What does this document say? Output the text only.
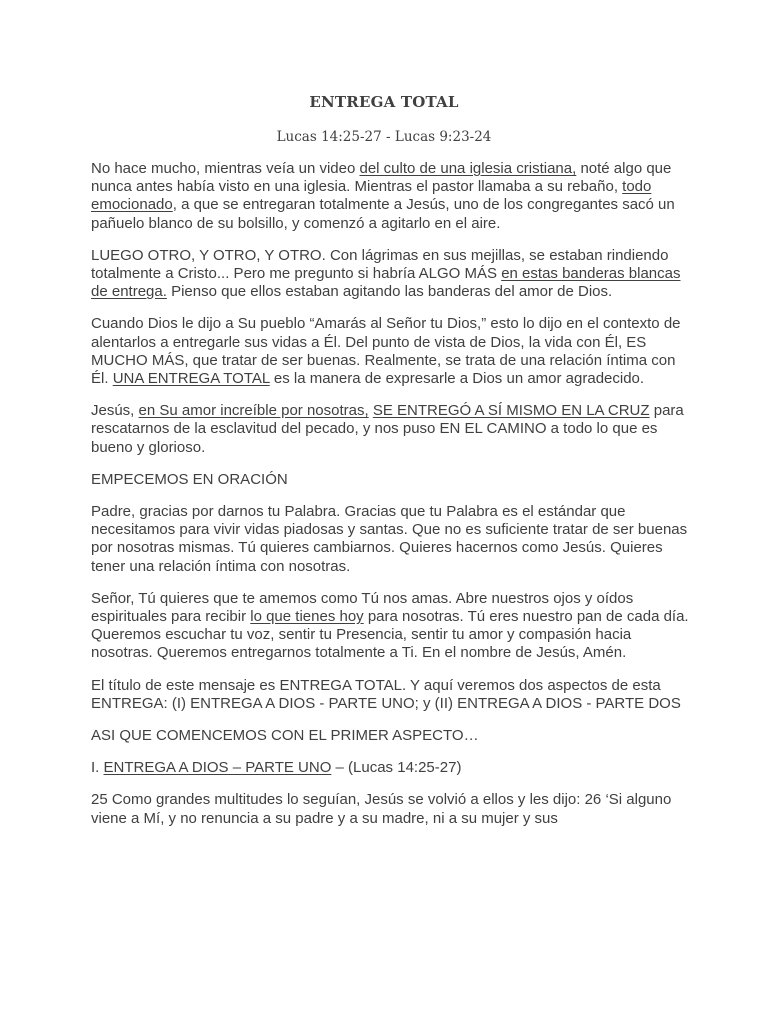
ENTREGA TOTAL
Lucas 14:25-27 - Lucas 9:23-24

No hace mucho, mientras veía un video del culto de una iglesia cristiana, noté algo que nunca antes había visto en una iglesia. Mientras el pastor llamaba a su rebaño, todo emocionado, a que se entregaran totalmente a Jesús, uno de los congregantes sacó un pañuelo blanco de su bolsillo, y comenzó a agitarlo en el aire.

LUEGO OTRO, Y OTRO, Y OTRO. Con lágrimas en sus mejillas, se estaban rindiendo totalmente a Cristo... Pero me pregunto si habría ALGO MÁS en estas banderas blancas de entrega. Pienso que ellos estaban agitando las banderas del amor de Dios.

Cuando Dios le dijo a Su pueblo “Amarás al Señor tu Dios,” esto lo dijo en el contexto de alentarlos a entregarle sus vidas a Él. Del punto de vista de Dios, la vida con Él, ES MUCHO MÁS, que tratar de ser buenas. Realmente, se trata de una relación íntima con Él. UNA ENTREGA TOTAL es la manera de expresarle a Dios un amor agradecido.

Jesús, en Su amor increíble por nosotras, SE ENTREGÓ A SÍ MISMO EN LA CRUZ para rescatarnos de la esclavitud del pecado, y nos puso EN EL CAMINO a todo lo que es bueno y glorioso.

EMPECEMOS EN ORACIÓN

Padre, gracias por darnos tu Palabra. Gracias que tu Palabra es el estándar que necesitamos para vivir vidas piadosas y santas. Que no es suficiente tratar de ser buenas por nosotras mismas. Tú quieres cambiarnos. Quieres hacernos como Jesús. Quieres tener una relación íntima con nosotras.

Señor, Tú quieres que te amemos como Tú nos amas. Abre nuestros ojos y oídos espirituales para recibir lo que tienes hoy para nosotras. Tú eres nuestro pan de cada día. Queremos escuchar tu voz, sentir tu Presencia, sentir tu amor y compasión hacia nosotras. Queremos entregarnos totalmente a Ti. En el nombre de Jesús, Amén.

El título de este mensaje es ENTREGA TOTAL. Y aquí veremos dos aspectos de esta ENTREGA: (I) ENTREGA A DIOS - PARTE UNO; y (II) ENTREGA A DIOS - PARTE DOS

ASI QUE COMENCEMOS CON EL PRIMER ASPECTO…

I. ENTREGA A DIOS – PARTE UNO – (Lucas 14:25-27)

25 Como grandes multitudes lo seguían, Jesús se volvió a ellos y les dijo: 26 ‘Si alguno viene a Mí, y no renuncia a su padre y a su madre, ni a su mujer y sus
